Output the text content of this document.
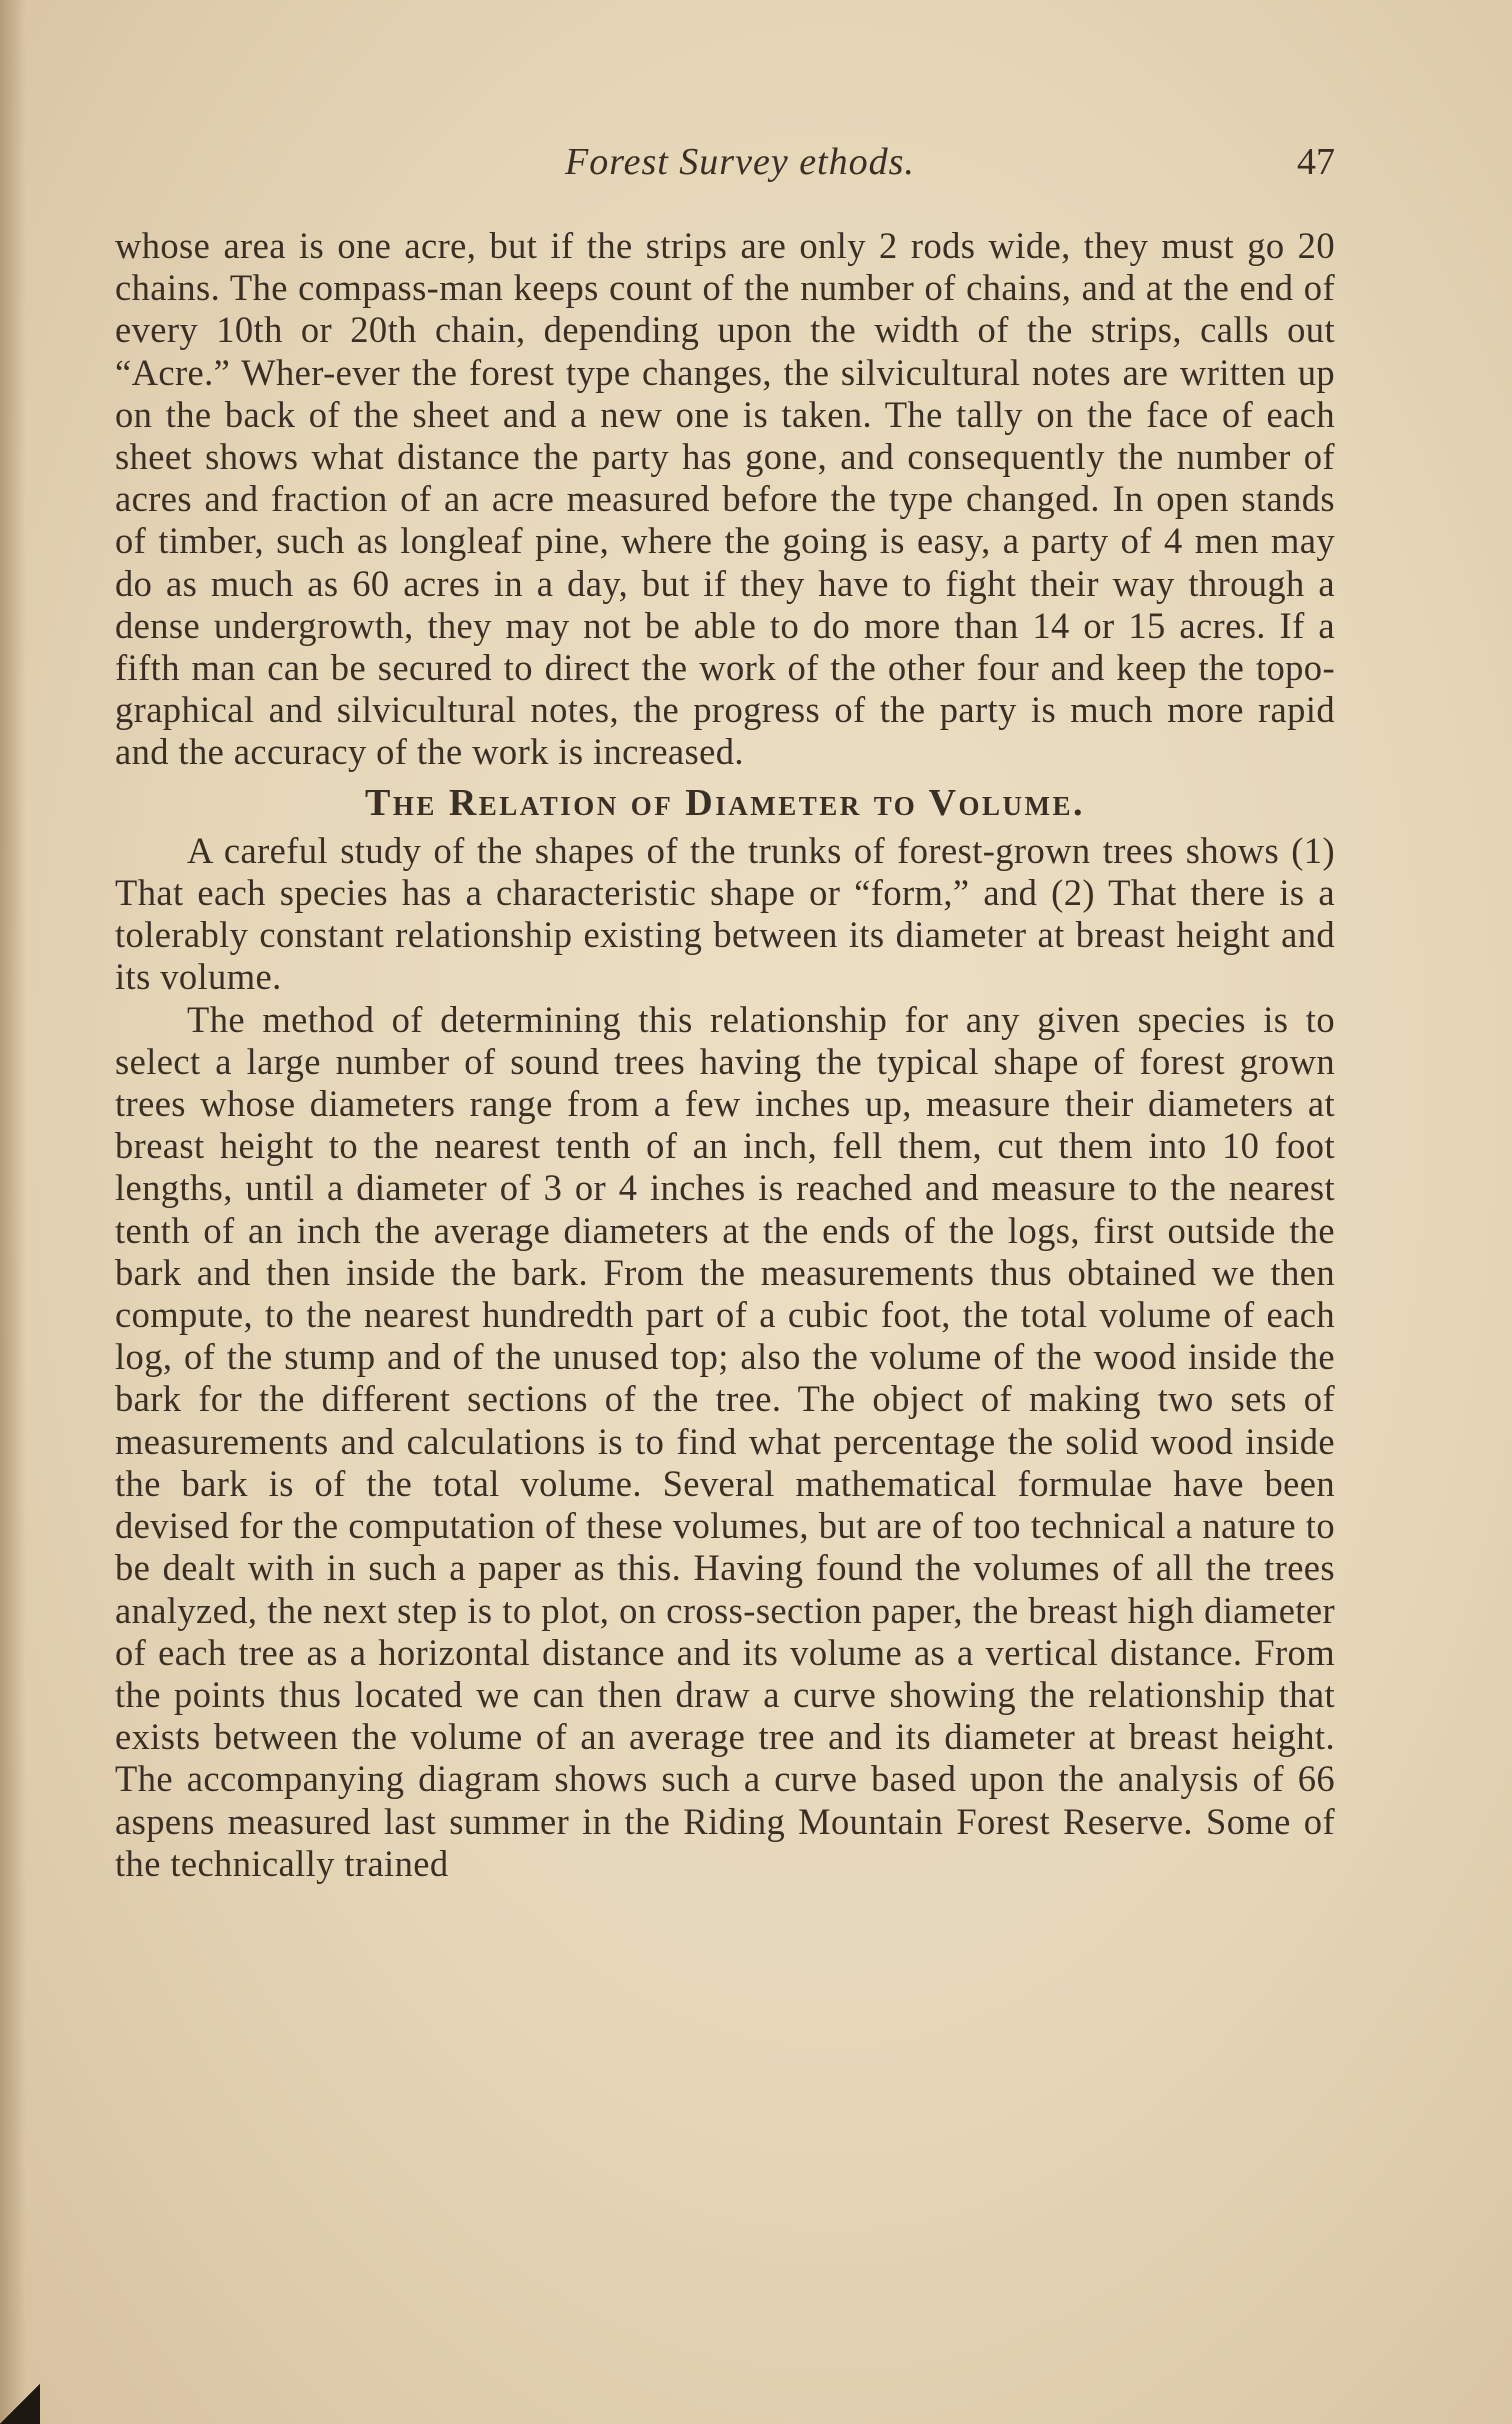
Forest Survey ethods.	47

whose area is one acre, but if the strips are only 2 rods wide, they must go 20 chains. The compass-man keeps count of the number of chains, and at the end of every 10th or 20th chain, depending upon the width of the strips, calls out “Acre.” Wher-ever the forest type changes, the silvicultural notes are written up on the back of the sheet and a new one is taken. The tally on the face of each sheet shows what distance the party has gone, and consequently the number of acres and fraction of an acre measured before the type changed. In open stands of timber, such as longleaf pine, where the going is easy, a party of 4 men may do as much as 60 acres in a day, but if they have to fight their way through a dense undergrowth, they may not be able to do more than 14 or 15 acres. If a fifth man can be secured to direct the work of the other four and keep the topo-graphical and silvicultural notes, the progress of the party is much more rapid and the accuracy of the work is increased.

The Relation of Diameter to Volume.

A careful study of the shapes of the trunks of forest-grown trees shows (1) That each species has a characteristic shape or “form,” and (2) That there is a tolerably constant relationship existing between its diameter at breast height and its volume.

The method of determining this relationship for any given species is to select a large number of sound trees having the typical shape of forest grown trees whose diameters range from a few inches up, measure their diameters at breast height to the nearest tenth of an inch, fell them, cut them into 10 foot lengths, until a diameter of 3 or 4 inches is reached and measure to the nearest tenth of an inch the average diameters at the ends of the logs, first outside the bark and then inside the bark. From the measurements thus obtained we then compute, to the nearest hundredth part of a cubic foot, the total volume of each log, of the stump and of the unused top; also the volume of the wood inside the bark for the different sections of the tree. The object of making two sets of measurements and calculations is to find what percentage the solid wood inside the bark is of the total volume. Several mathematical formulae have been devised for the computation of these volumes, but are of too technical a nature to be dealt with in such a paper as this. Having found the volumes of all the trees analyzed, the next step is to plot, on cross-section paper, the breast high diameter of each tree as a horizontal distance and its volume as a vertical distance. From the points thus located we can then draw a curve showing the relationship that exists between the volume of an average tree and its diameter at breast height. The accompanying diagram shows such a curve based upon the analysis of 66 aspens measured last summer in the Riding Mountain Forest Reserve. Some of the technically trained
